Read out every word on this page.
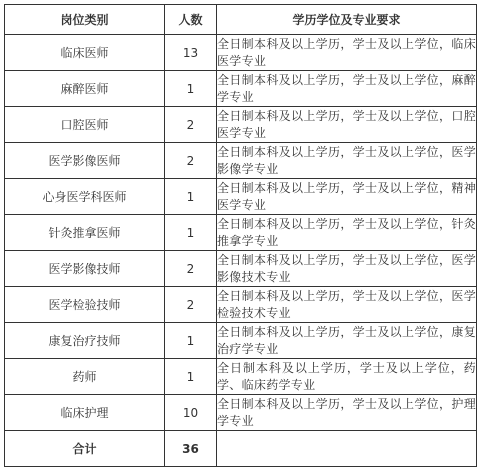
岗位类别	人数	学历学位及专业要求
临床医师	13	全日制本科及以上学历，学士及以上学位，临床医学专业
麻醉医师	1	全日制本科及以上学历，学士及以上学位，麻醉学专业
口腔医师	2	全日制本科及以上学历，学士及以上学位，口腔医学专业
医学影像医师	2	全日制本科及以上学历，学士及以上学位，医学影像学专业
心身医学科医师	1	全日制本科及以上学历，学士及以上学位，精神医学专业
针灸推拿医师	1	全日制本科及以上学历，学士及以上学位，针灸推拿学专业
医学影像技师	2	全日制本科及以上学历，学士及以上学位，医学影像技术专业
医学检验技师	2	全日制本科及以上学历，学士及以上学位，医学检验技术专业
康复治疗技师	1	全日制本科及以上学历，学士及以上学位，康复治疗学专业
药师	1	全日制本科及以上学历，学士及以上学位，药学、临床药学专业
临床护理	10	全日制本科及以上学历，学士及以上学位，护理学专业
合计	36	
